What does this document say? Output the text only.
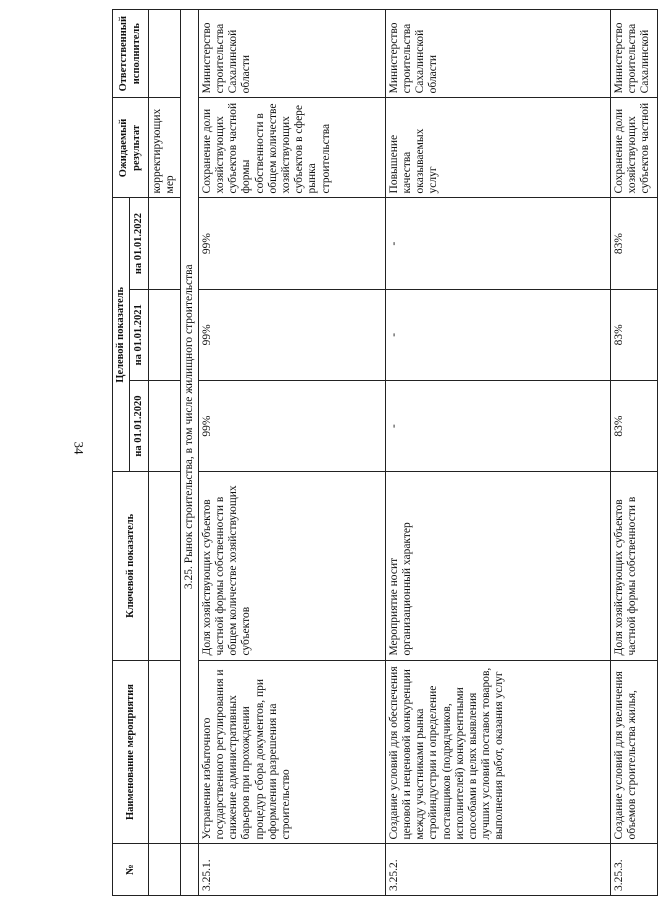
34
№	Наименование мероприятия	Ключевой показатель	Целевой показатель			Ожидаемый результат	Ответственный исполнитель
			на 01.01.2020	на 01.01.2021	на 01.01.2022		
						корректирующих мер	
	3.25. Рынок строительства, в том числе жилищного строительства						
3.25.1.	Устранение избыточного государственного регулирования и снижение административных барьеров при прохождении процедур сбора документов, при оформлении разрешения на строительство	Доля хозяйствующих субъектов частной формы собственности в общем количестве хозяйствующих субъектов	99%	99%	99%	Сохранение доли хозяйствующих субъектов частной формы собственности в общем количестве хозяйствующих субъектов в сфере рынка строительства	Министерство строительства Сахалинской области
3.25.2.	Создание условий для обеспечения ценовой и неценовой конкуренции между участниками рынка стройиндустрии и определение поставщиков (подрядчиков, исполнителей) конкурентными способами в целях выявления лучших условий поставок товаров, выполнения работ, оказания услуг	Мероприятие носит организационный характер	-	-	-	Повышение качества оказываемых услуг	Министерство строительства Сахалинской области
3.25.3.	Создание условий для увеличения объемов строительства жилья,	Доля хозяйствующих субъектов частной формы собственности в	83%	83%	83%	Сохранение доли хозяйствующих субъектов частной	Министерство строительства Сахалинской
